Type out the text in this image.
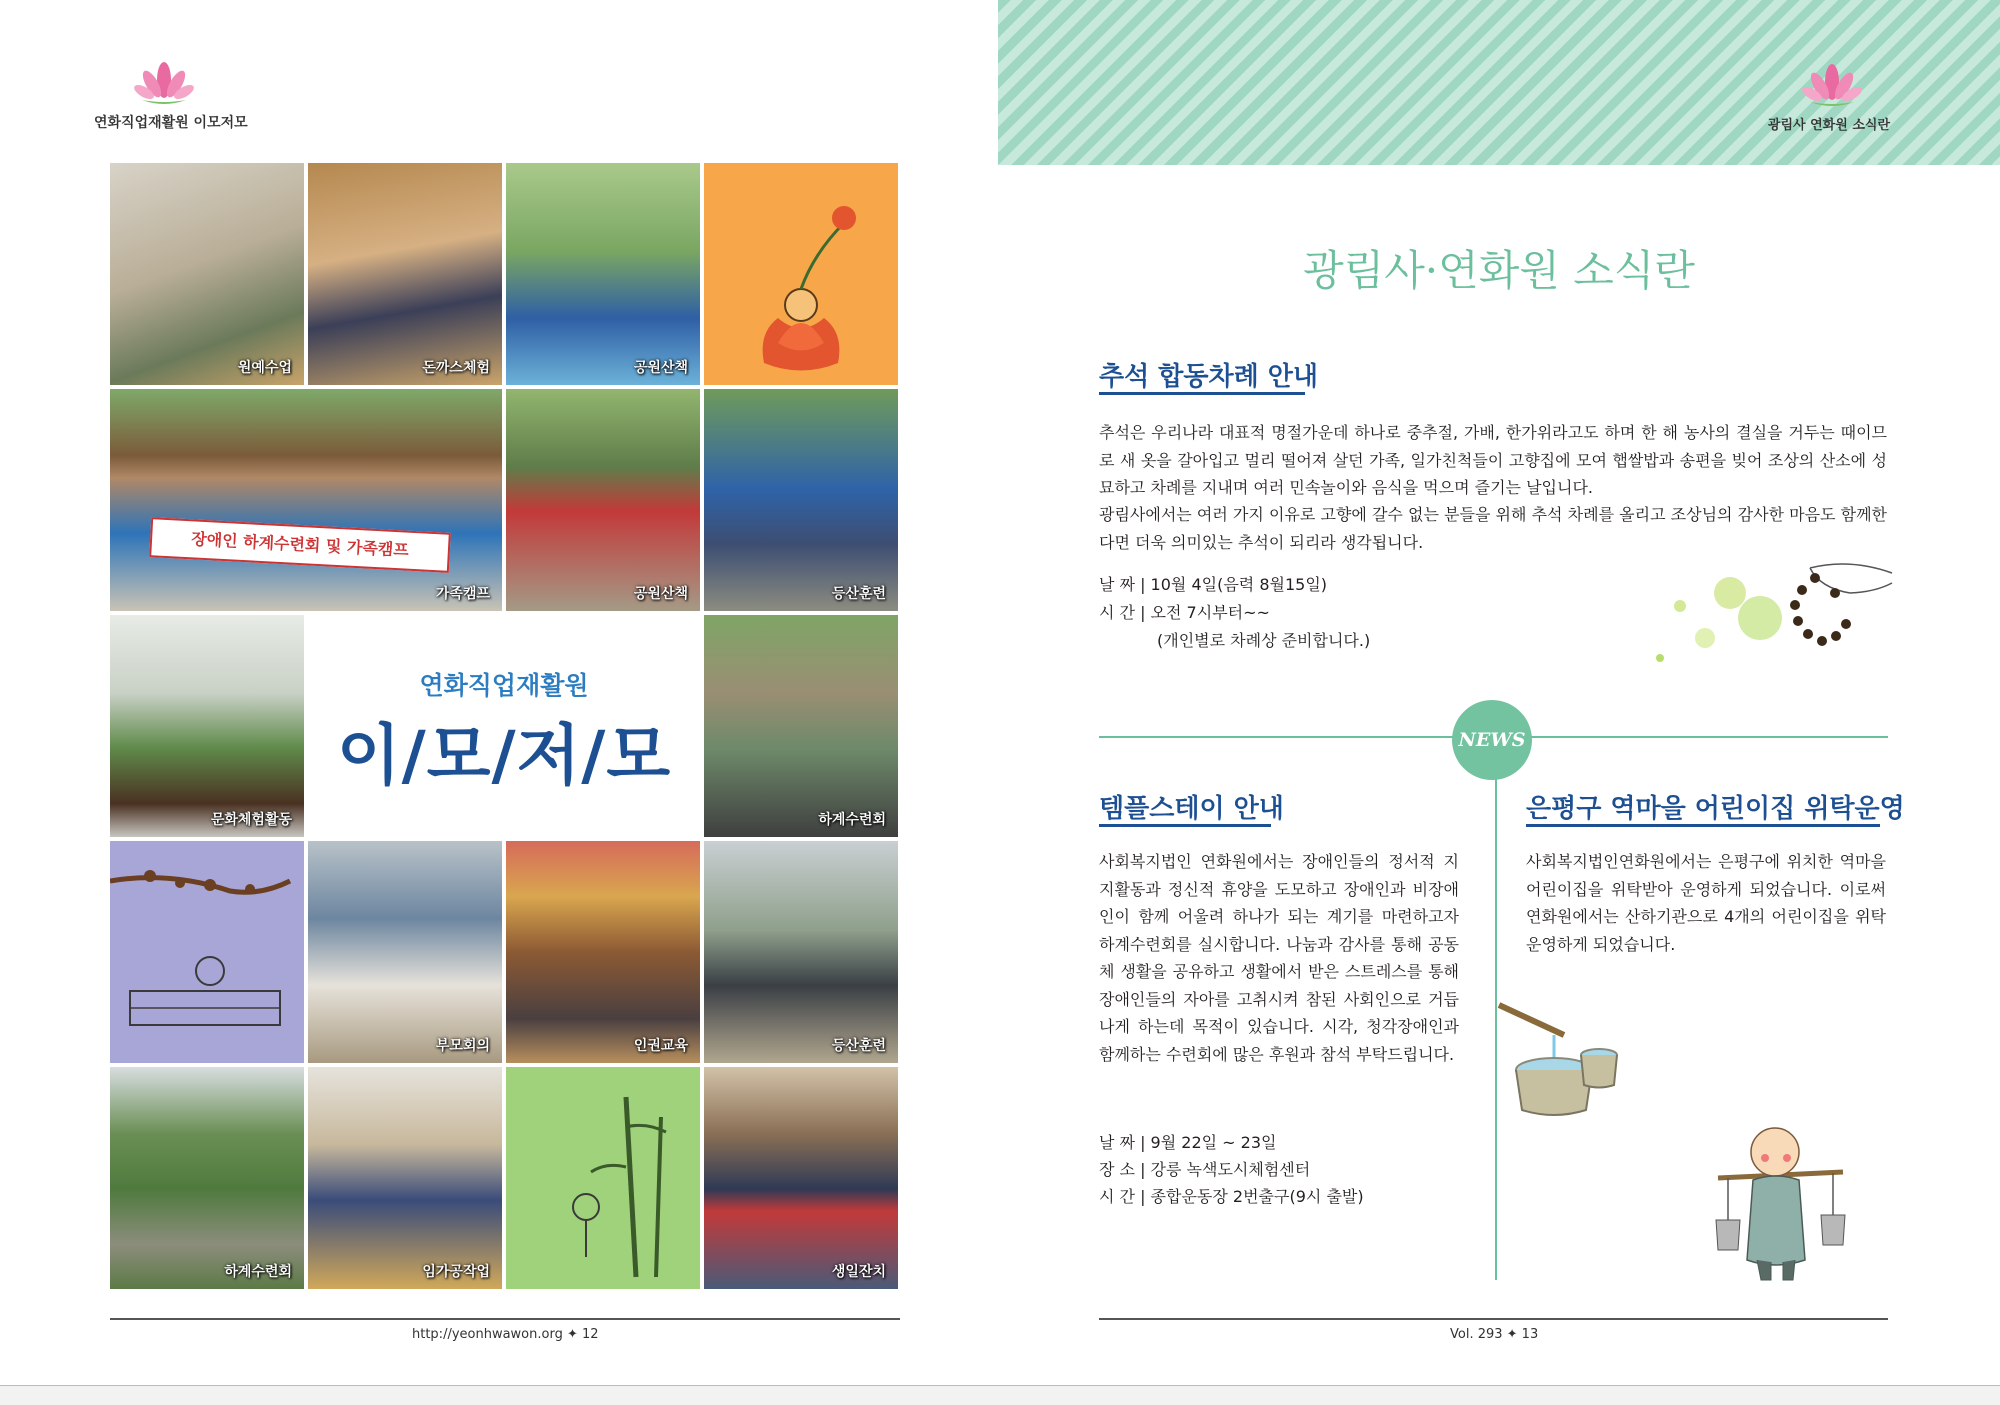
연화직업재활원 이모저모
원예수업	돈까스체험	공원산책
장애인 하계수련회 및 가족캠프
가족캠프	공원산책	등산훈련
문화체험활동	하계수련회
부모회의	인권교육	등산훈련
하계수련회	임가공작업	생일잔치
연화직업재활원
이/모/저/모
http://yeonhwawon.org ✦ 12
광림사 연화원 소식란
광림사·연화원 소식란
추석 합동차례 안내
추석은 우리나라 대표적 명절가운데 하나로 중추절, 가배, 한가위라고도 하며 한 해 농사의 결실을 거두는 때이므로 새 옷을 갈아입고 멀리 떨어져 살던 가족, 일가친척들이 고향집에 모여 햅쌀밥과 송편을 빚어 조상의 산소에 성묘하고 차례를 지내며 여러 민속놀이와 음식을 먹으며 즐기는 날입니다.
광림사에서는 여러 가지 이유로 고향에 갈수 없는 분들을 위해 추석 차례를 올리고 조상님의 감사한 마음도 함께한다면 더욱 의미있는 추석이 되리라 생각됩니다.
날 짜 | 10월 4일(음력 8월15일)
시 간 | 오전 7시부터~~
(개인별로 차례상 준비합니다.)
템플스테이 안내
사회복지법인 연화원에서는 장애인들의 정서적 지지활동과 정신적 휴양을 도모하고 장애인과 비장애인이 함께 어울려 하나가 되는 계기를 마련하고자 하계수련회를 실시합니다. 나눔과 감사를 통해 공동체 생활을 공유하고 생활에서 받은 스트레스를 통해 장애인들의 자아를 고취시켜 참된 사회인으로 거듭나게 하는데 목적이 있습니다. 시각, 청각장애인과 함께하는 수련회에 많은 후원과 참석 부탁드립니다.
날 짜 | 9월 22일 ~ 23일
장 소 | 강릉 녹색도시체험센터
시 간 | 종합운동장 2번출구(9시 출발)
은평구 역마을 어린이집 위탁운영
사회복지법인연화원에서는 은평구에 위치한 역마을 어린이집을 위탁받아 운영하게 되었습니다. 이로써 연화원에서는 산하기관으로 4개의 어린이집을 위탁 운영하게 되었습니다.
Vol. 293 ✦ 13
NEWS
